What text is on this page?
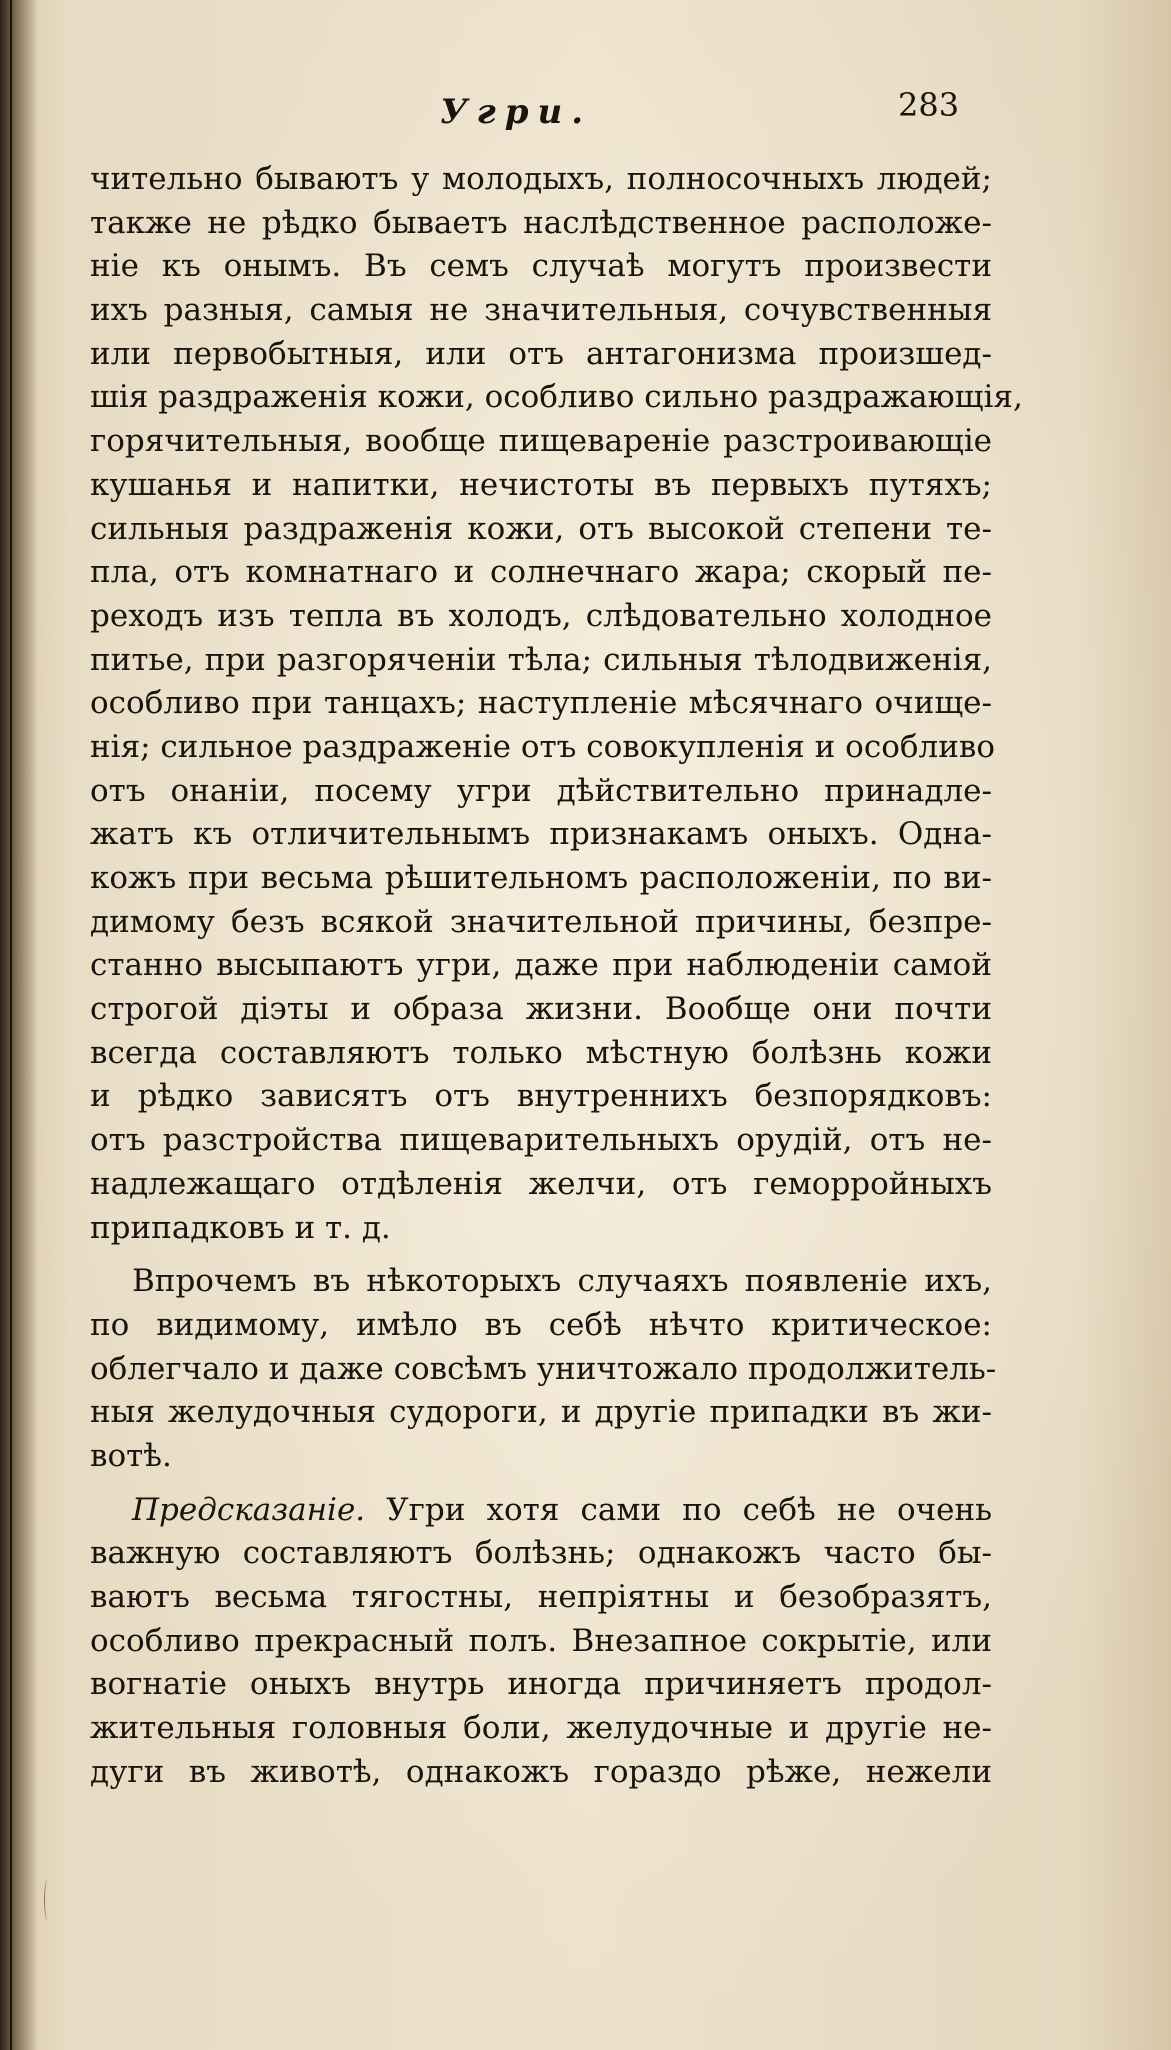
Угри.	283
чительно бываютъ у молодыхъ, полносочныхъ людей;
также не рѣдко бываетъ наслѣдственное расположе-
ніе къ онымъ. Въ семъ случаѣ могутъ произвести
ихъ разныя, самыя не значительныя, сочувственныя
или первобытныя, или отъ антагонизма произшед-
шія раздраженія кожи, особливо сильно раздражающія,
горячительныя, вообще пищевареніе разстроивающіе
кушанья и напитки, нечистоты въ первыхъ путяхъ;
сильныя раздраженія кожи, отъ высокой степени те-
пла, отъ комнатнаго и солнечнаго жара; скорый пе-
реходъ изъ тепла въ холодъ, слѣдовательно холодное
питье, при разгоряченіи тѣла; сильныя тѣлодвиженія,
особливо при танцахъ; наступленіе мѣсячнаго очище-
нія; сильное раздраженіе отъ совокупленія и особливо
отъ онаніи, посему угри дѣйствительно принадле-
жатъ къ отличительнымъ признакамъ оныхъ. Одна-
кожъ при весьма рѣшительномъ расположеніи, по ви-
димому безъ всякой значительной причины, безпре-
станно высыпаютъ угри, даже при наблюденіи самой
строгой діэты и образа жизни. Вообще они почти
всегда составляютъ только мѣстную болѣзнь кожи
и рѣдко зависятъ отъ внутреннихъ безпорядковъ:
отъ разстройства пищеварительныхъ орудій, отъ не-
надлежащаго отдѣленія желчи, отъ геморройныхъ
припадковъ и т. д.
Впрочемъ въ нѣкоторыхъ случаяхъ появленіе ихъ,
по видимому, имѣло въ себѣ нѣчто критическое:
облегчало и даже совсѣмъ уничтожало продолжитель-
ныя желудочныя судороги, и другіе припадки въ жи-
вотѣ.
Предсказаніе. Угри хотя сами по себѣ не очень
важную составляютъ болѣзнь; однакожъ часто бы-
ваютъ весьма тягостны, непріятны и безобразятъ,
особливо прекрасный полъ. Внезапное сокрытіе, или
вогнатіе оныхъ внутрь иногда причиняетъ продол-
жительныя головныя боли, желудочные и другіе не-
дуги въ животѣ, однакожъ гораздо рѣже, нежели
